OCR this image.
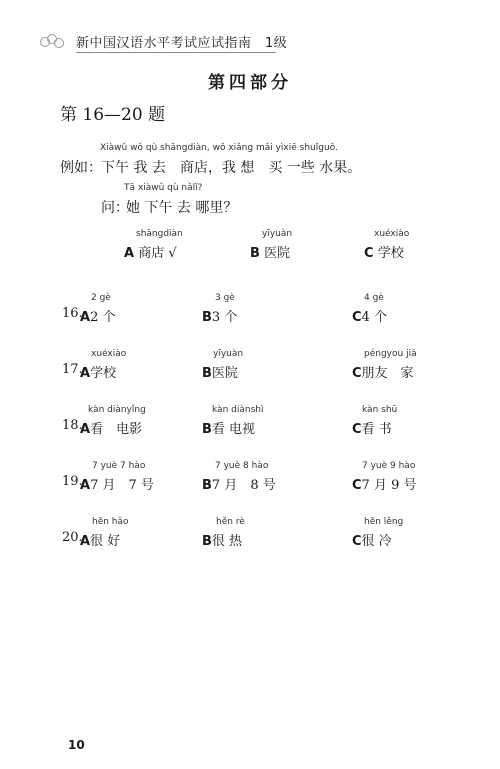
新中国汉语水平考试应试指南　1级
第四部分
第 16—20 题
Xiàwǔ wǒ qù shāngdiàn, wǒ xiǎng mǎi yìxiē shuǐguǒ.
例如： 下午 我 去　商店，我 想　买 一些 水果。
Tā xiàwǔ qù nǎlǐ?
问：
她 下午 去 哪里？
shāngdiàn
A 商店 √
yīyuàn
B 医院
xuéxiào
C 学校
16.
2 gè
A2 个
3 gè
B3 个
4 gè
C4 个
17.
xuéxiào
A学校
yīyuàn
B医院
péngyou jiā
C朋友　家
18.
kàn diànyǐng
A看　电影
kàn diànshì
B看 电视
kàn shū
C看 书
19.
7 yuè 7 hào
A7 月　7 号
7 yuè 8 hào
B7 月　8 号
7 yuè 9 hào
C7 月 9 号
20.
hěn hǎo
A很 好
hěn rè
B很 热
hěn lěng
C很 冷
10
